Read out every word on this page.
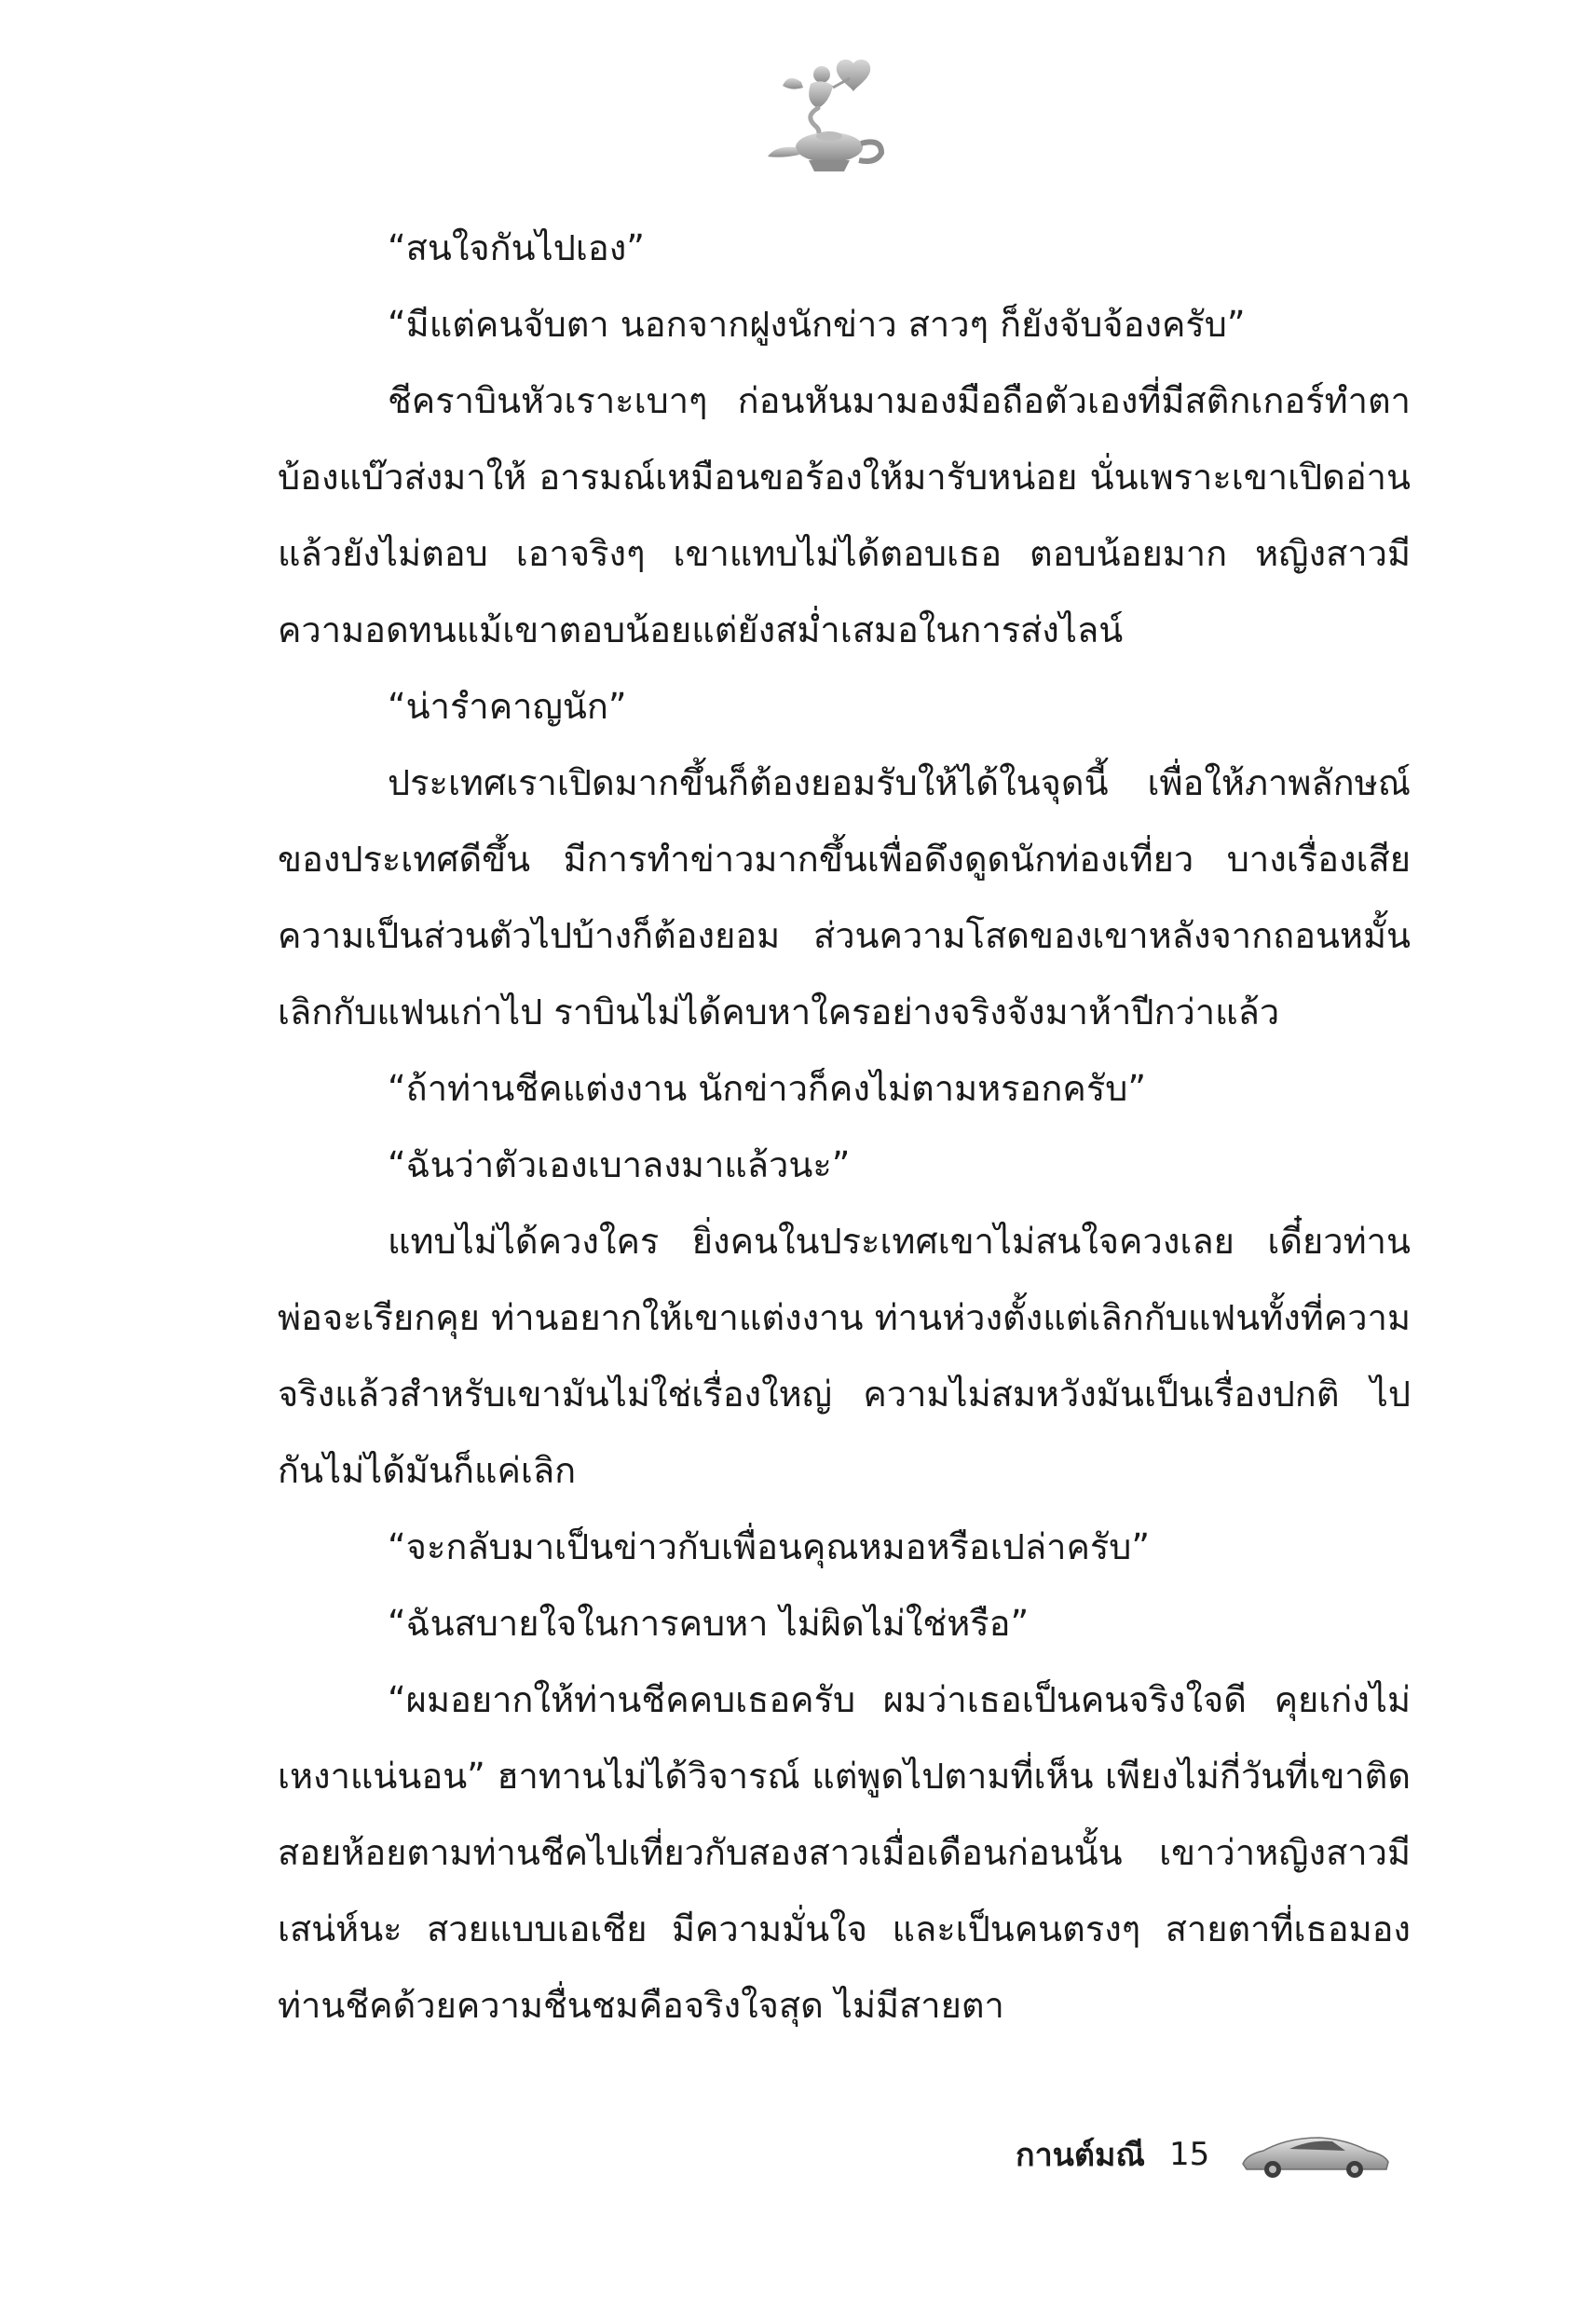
“สนใจกันไปเอง”

“มีแต่คนจับตา นอกจากฝูงนักข่าว สาวๆ ก็ยังจับจ้องครับ”

ชีครา​บินหัวเราะเบาๆ ก่อนหันมามองมือถือตัวเองที่มีสติกเกอร์ทำตาบ้องแบ๊วส่งมาให้ อารมณ์เหมือนขอร้องให้มารับหน่อย นั่นเพราะเขาเปิดอ่านแล้วยังไม่ตอบ เอาจริงๆ เขาแทบไม่ได้ตอบเธอ ตอบน้อยมาก หญิงสาวมีความอดทนแม้เขาตอบน้อยแต่ยังสม่ำเสมอในการส่งไลน์

“น่ารำคาญนัก”

ประเทศเราเปิดมากขึ้นก็ต้องยอมรับให้ได้ในจุดนี้ เพื่อให้ภาพลักษณ์ของประเทศดีขึ้น มีการทำข่าวมากขึ้นเพื่อดึงดูดนักท่องเที่ยว บางเรื่องเสียความเป็นส่วนตัวไปบ้างก็ต้องยอม ส่วนความโสดของเขาหลังจากถอนหมั้นเลิกกับแฟนเก่าไป ราบินไม่ได้คบหาใครอย่างจริงจังมาห้าปีกว่าแล้ว

“ถ้าท่านชีคแต่งงาน นักข่าวก็คงไม่ตามหรอกครับ”

“ฉันว่าตัวเองเบาลงมาแล้วนะ”

แทบไม่ได้ควงใคร ยิ่งคนในประเทศเขาไม่สนใจควงเลย เดี๋ยวท่านพ่อจะเรียกคุย ท่านอยากให้เขาแต่งงาน ท่านห่วงตั้งแต่เลิกกับแฟนทั้งที่ความจริงแล้วสำหรับเขามันไม่ใช่เรื่องใหญ่ ความไม่สมหวังมันเป็นเรื่องปกติ ไปกันไม่ได้มันก็แค่เลิก

“จะกลับมาเป็นข่าวกับเพื่อนคุณหมอหรือเปล่าครับ”

“ฉันสบายใจในการคบหา ไม่ผิดไม่ใช่หรือ”

“ผมอยากให้ท่านชีคคบเธอครับ ผมว่าเธอเป็นคนจริงใจดี คุยเก่งไม่เหงาแน่นอน” ฮาทานไม่ได้วิจารณ์ แต่พูดไปตามที่เห็น เพียงไม่กี่วันที่เขาติดสอยห้อยตามท่านชีคไปเที่ยวกับสองสาวเมื่อเดือนก่อนนั้น เขาว่าหญิงสาวมีเสน่ห์นะ สวยแบบเอเชีย มีความมั่นใจ และเป็นคนตรงๆ สายตาที่เธอมองท่านชีคด้วยความชื่นชมคือจริงใจสุด ไม่มีสายตา

กานต์มณี 15
